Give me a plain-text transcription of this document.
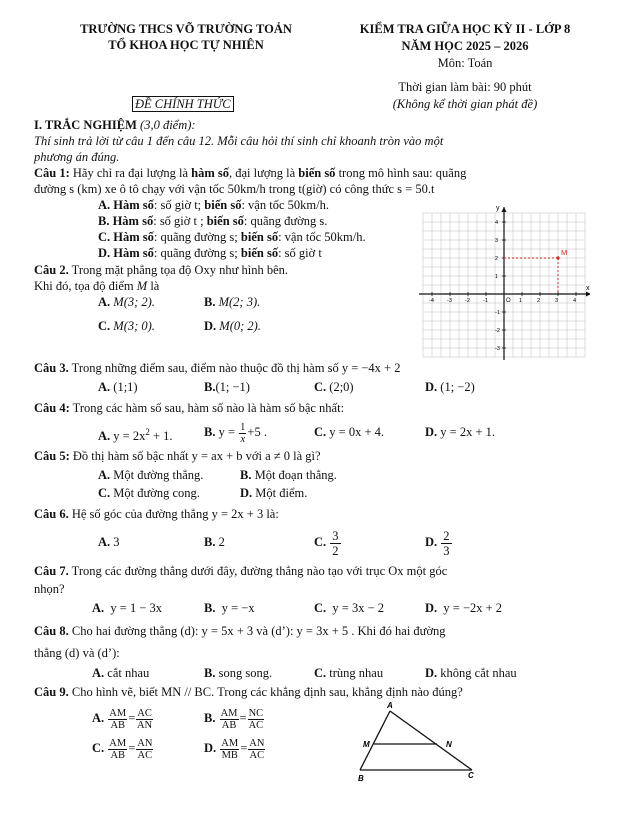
TRƯỜNG THCS VÕ TRƯỜNG TOẢN
TỔ KHOA HỌC TỰ NHIÊN
KIỂM TRA GIỮA HỌC KỲ II - LỚP 8
NĂM HỌC 2025 – 2026
Môn: Toán
Thời gian làm bài: 90 phút
ĐỀ CHÍNH THỨC	(Không kể thời gian phát đề)
I. TRẮC NGHIỆM (3,0 điểm):
Thí sinh trả lời từ câu 1 đến câu 12. Mỗi câu hỏi thí sinh chỉ khoanh tròn vào một
phương án đúng.
Câu 1: Hãy chỉ ra đại lượng là hàm số, đại lượng là biến số trong mô hình sau: quãng
đường s (km) xe ô tô chạy với vận tốc 50km/h trong t(giờ) có công thức s = 50.t
A. Hàm số: số giờ t; biến số: vận tốc 50km/h.
B. Hàm số: số giờ t ; biến số: quãng đường s.
C. Hàm số: quãng đường s; biến số: vận tốc 50km/h.
D. Hàm số: quãng đường s; biến số: số giờ t
Câu 2. Trong mặt phẳng tọa độ Oxy như hình bên.
Khi đó, tọa độ điểm M là
A. M(3; 2).	B. M(2; 3).
C. M(3; 0).	D. M(0; 2).
x
y
O
-4 -3 -2 -1	1	2	3	4
4
3
2
1
-1
-2
-3
M
Câu 3. Trong những điểm sau, điểm nào thuộc đồ thị hàm số y = −4x + 2
A. (1;1)	B.(1; −1)	C. (2;0)	D. (1; −2)
Câu 4: Trong các hàm số sau, hàm số nào là hàm số bậc nhất:
A. $y = 2x^2 + 1$.	B. $y = \frac{1}{x} +5$ .	C. y = 0x + 4.	D. y = 2x + 1.
Câu 5: Đồ thị hàm số bậc nhất y = ax + b với a ≠ 0 là gì?
A. Một đường thẳng.	B. Một đoạn thẳng.
C. Một đường cong.	D. Một điểm.
Câu 6. Hệ số góc của đường thẳng y = 2x + 3 là:
A. 3	B. 2	C. $\frac{3}{2}$	D. $\frac{2}{3}$
Câu 7. Trong các đường thẳng dưới đây, đường thẳng nào tạo với trục Ox một góc
nhọn?
A. y = 1 − 3x	B. y = −x	C. y = 3x − 2	D. y = −2x + 2
Câu 8. Cho hai đường thẳng (d): y = 5x + 3 và (d’): y = 3x + 5 . Khi đó hai đường
thẳng (d) và (d’):
A. cắt nhau	B. song song.	C. trùng nhau	D. không cắt nhau
Câu 9. Cho hình vẽ, biết MN // BC. Trong các khẳng định sau, khẳng định nào đúng?
A. $\frac{AM}{AB} = \frac{AC}{AN}$	B. $\frac{AM}{AB} = \frac{NC}{AC}$
C. $\frac{AM}{AB} = \frac{AN}{AC}$	D. $\frac{AM}{MB} = \frac{AN}{AC}$
A
B	C
M	N
